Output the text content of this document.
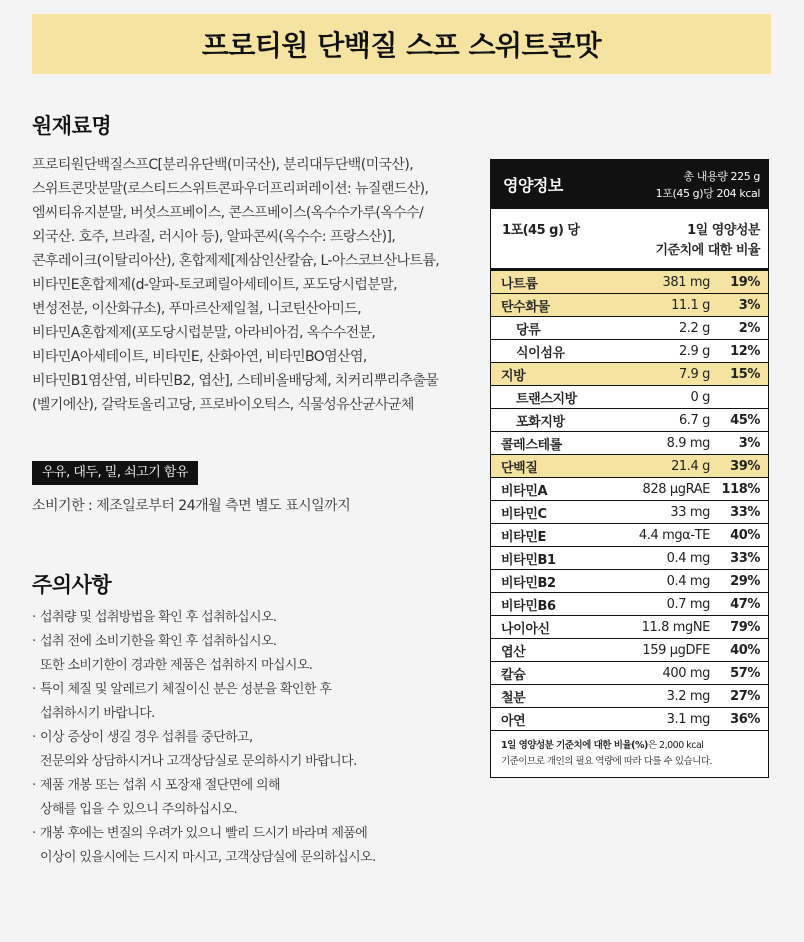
프로티원 단백질 스프 스위트콘맛
원재료명

프로티원단백질스프C[분리유단백(미국산), 분리대두단백(미국산), 스위트콘맛분말(로스티드스위트콘파우더프리퍼레이션: 뉴질랜드산), 엠씨티유지분말, 버섯스프베이스, 콘스프베이스(옥수수가루(옥수수/외국산. 호주, 브라질, 러시아 등), 알파콘씨(옥수수: 프랑스산)], 콘후레이크(이탈리아산), 혼합제제[제삼인산칼슘, L-아스코브산나트륨, 비타민E혼합제제(d-알파-토코페릴아세테이트, 포도당시럽분말, 변성전분, 이산화규소), 푸마르산제일철, 니코틴산아미드, 비타민A혼합제제(포도당시럽분말, 아라비아검, 옥수수전분, 비타민A아세테이트, 비타민E, 산화아연, 비타민BO염산염, 비타민B1염산염, 비타민B2, 엽산], 스테비올배당체, 치커리뿌리추출물(벨기에산), 갈락토올리고당, 프로바이오틱스, 식물성유산균사균체

우유, 대두, 밀, 쇠고기 함유
소비기한 : 제조일로부터 24개월 측면 별도 표시일까지
주의사항
· 섭취량 및 섭취방법을 확인 후 섭취하십시오.
· 섭취 전에 소비기한을 확인 후 섭취하십시오.
또한 소비기한이 경과한 제품은 섭취하지 마십시오.
· 특이 체질 및 알레르기 체질이신 분은 성분을 확인한 후
섭취하시기 바랍니다.
· 이상 증상이 생길 경우 섭취를 중단하고,
전문의와 상담하시거나 고객상담실로 문의하시기 바랍니다.
· 제품 개봉 또는 섭취 시 포장재 절단면에 의해
상해를 입을 수 있으니 주의하십시오.
· 개봉 후에는 변질의 우려가 있으니 빨리 드시기 바라며 제품에
이상이 있을시에는 드시지 마시고, 고객상담실에 문의하십시오.
영양정보	총 내용량 225 g
1포(45 g)당 204 kcal
1포(45 g) 당	1일 영양성분
기준치에 대한 비율
나트륨	381 mg	19%
탄수화물	11.1 g	3%
당류	2.2 g	2%
식이섬유	2.9 g	12%
지방	7.9 g	15%
트랜스지방	0 g
포화지방	6.7 g	45%
콜레스테롤	8.9 mg	3%
단백질	21.4 g	39%
비타민A	828 μgRAE 118%
비타민C	33 mg	33%
비타민E	4.4 mgα-TE	40%
비타민B1	0.4 mg	33%
비타민B2	0.4 mg	29%
비타민B6	0.7 mg	47%
나이아신	11.8 mgNE	79%
엽산	159 μgDFE	40%
칼슘	400 mg	57%
철분	3.2 mg	27%
아연	3.1 mg	36%
1일 영양성분 기준치에 대한 비율(%)은 2,000 kcal
기준이므로 개인의 필요 역량에 따라 다를 수 있습니다.
